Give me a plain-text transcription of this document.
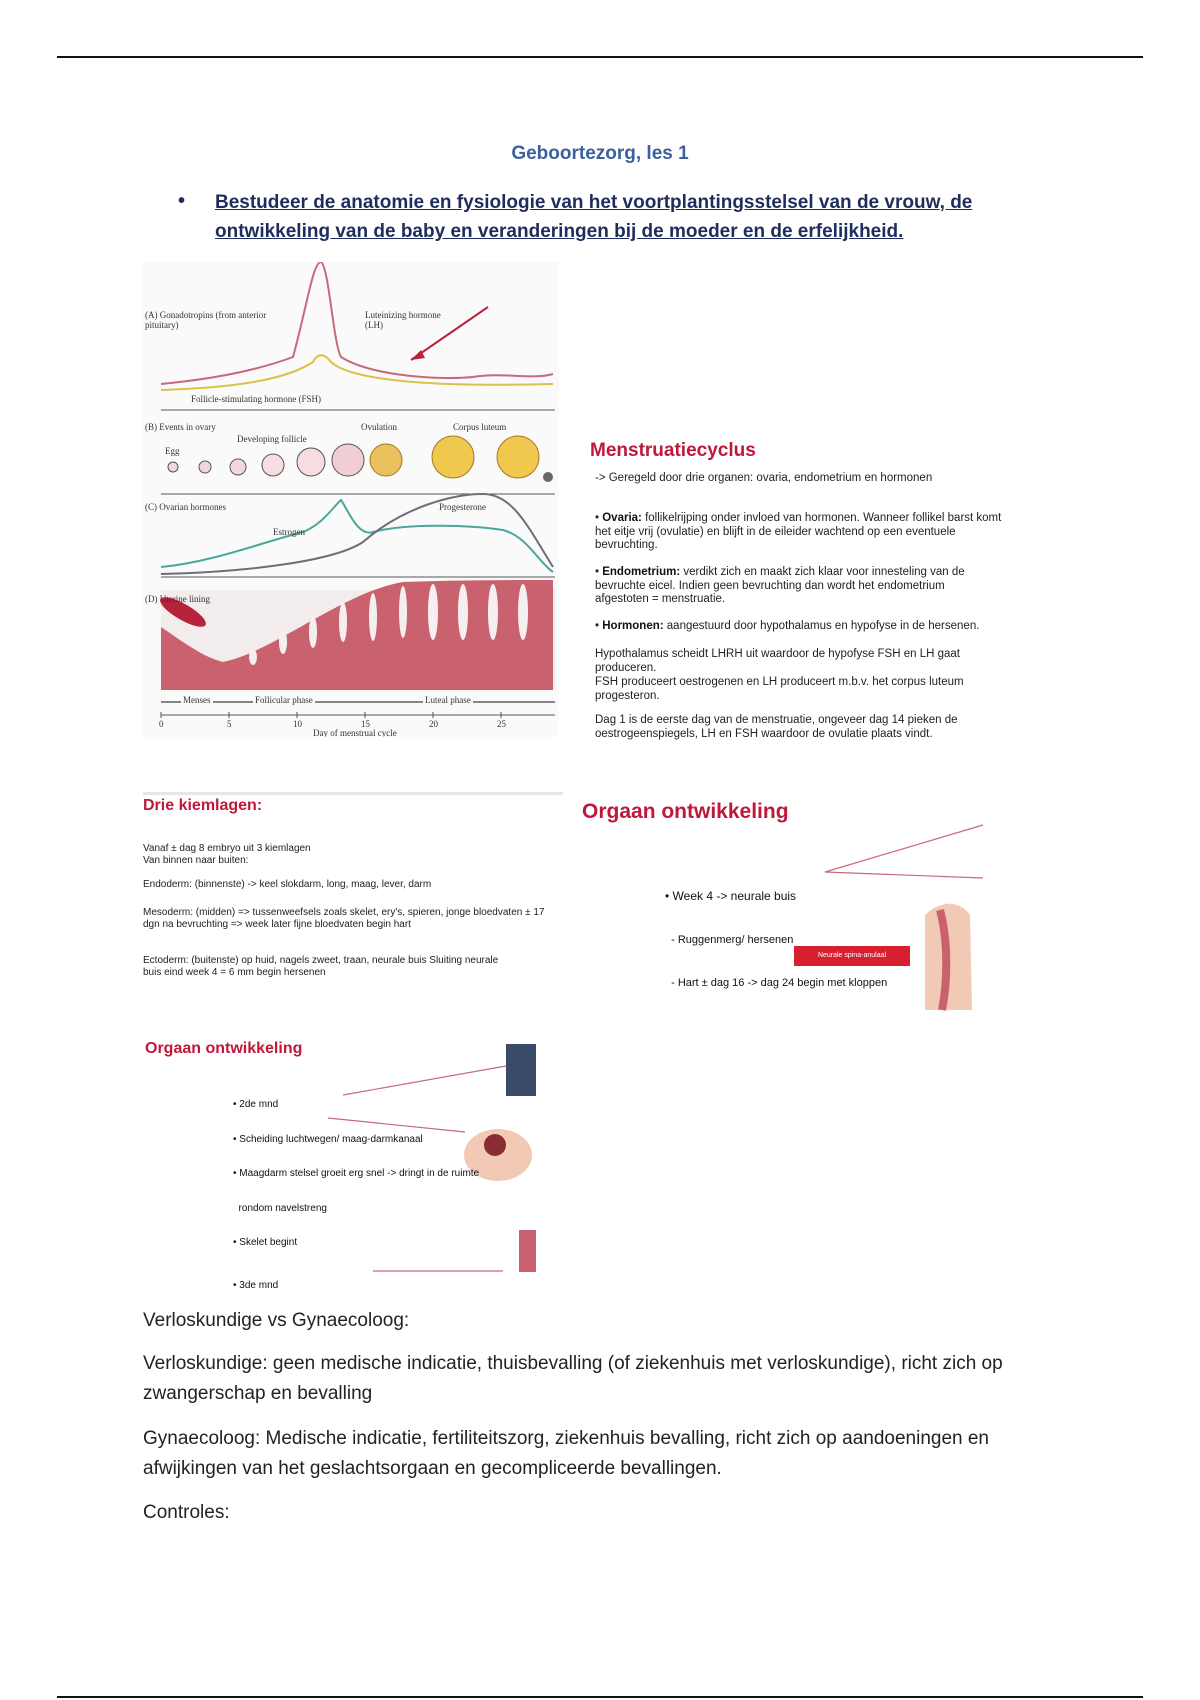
Geboortezorg, les 1
• Bestudeer de anatomie en fysiologie van het voortplantingsstelsel van de vrouw, de ontwikkeling van de baby en veranderingen bij de moeder en de erfelijkheid.
(A) Gonadotropins (from anterior pituitary)
Luteinizing hormone (LH)
Follicle-stimulating hormone (FSH)
(B) Events in ovary
Egg
Developing follicle
Ovulation	Corpus luteum
(C) Ovarian hormones
Estrogen
Progesterone
(D) Uterine lining
Menses	Follicular phase	Luteal phase
0	5	10	15	20	25
Day of menstrual cycle
Menstruatiecyclus
-> Geregeld door drie organen: ovaria, endometrium en hormonen
• Ovaria: follikelrijping onder invloed van hormonen. Wanneer follikel barst komt het eitje vrij (ovulatie) en blijft in de eileider wachtend op een eventuele bevruchting.
• Endometrium: verdikt zich en maakt zich klaar voor innesteling van de bevruchte eicel. Indien geen bevruchting dan wordt het endometrium afgestoten = menstruatie.
• Hormonen: aangestuurd door hypothalamus en hypofyse in de hersenen.
Hypothalamus scheidt LHRH uit waardoor de hypofyse FSH en LH gaat produceren.
FSH produceert oestrogenen en LH produceert m.b.v. het corpus luteum progesteron.
Dag 1 is de eerste dag van de menstruatie, ongeveer dag 14 pieken de oestrogeenspiegels, LH en FSH waardoor de ovulatie plaats vindt.
Drie kiemlagen:
Vanaf ± dag 8 embryo uit 3 kiemlagen
Van binnen naar buiten:
Endoderm: (binnenste) -> keel slokdarm, long, maag, lever, darm
Mesoderm: (midden) => tussenweefsels zoals skelet, ery's, spieren, jonge bloedvaten ± 17 dgn na bevruchting => week later fijne bloedvaten begin hart
Ectoderm: (buitenste) op huid, nagels zweet, traan, neurale buis Sluiting neurale buis eind week 4 = 6 mm begin hersenen
Orgaan ontwikkeling
Neurale spina-anulaal

• Week 4 -> neurale buis

- Ruggenmerg/ hersenen

- Hart ± dag 16 -> dag 24 begin met kloppen

Orgaan ontwikkeling

• 2de mnd

• Scheiding luchtwegen/ maag-darmkanaal

• Maagdarm stelsel groeit erg snel -> dringt in de ruimte

rondom navelstreng

• Skelet begint

• 3de mnd

Verloskundige vs Gynaecoloog:
Verloskundige: geen medische indicatie, thuisbevalling (of ziekenhuis met verloskundige), richt zich op zwangerschap en bevalling
Gynaecoloog: Medische indicatie, fertiliteitszorg, ziekenhuis bevalling, richt zich op aandoeningen en afwijkingen van het geslachtsorgaan en gecompliceerde bevallingen.
Controles:
